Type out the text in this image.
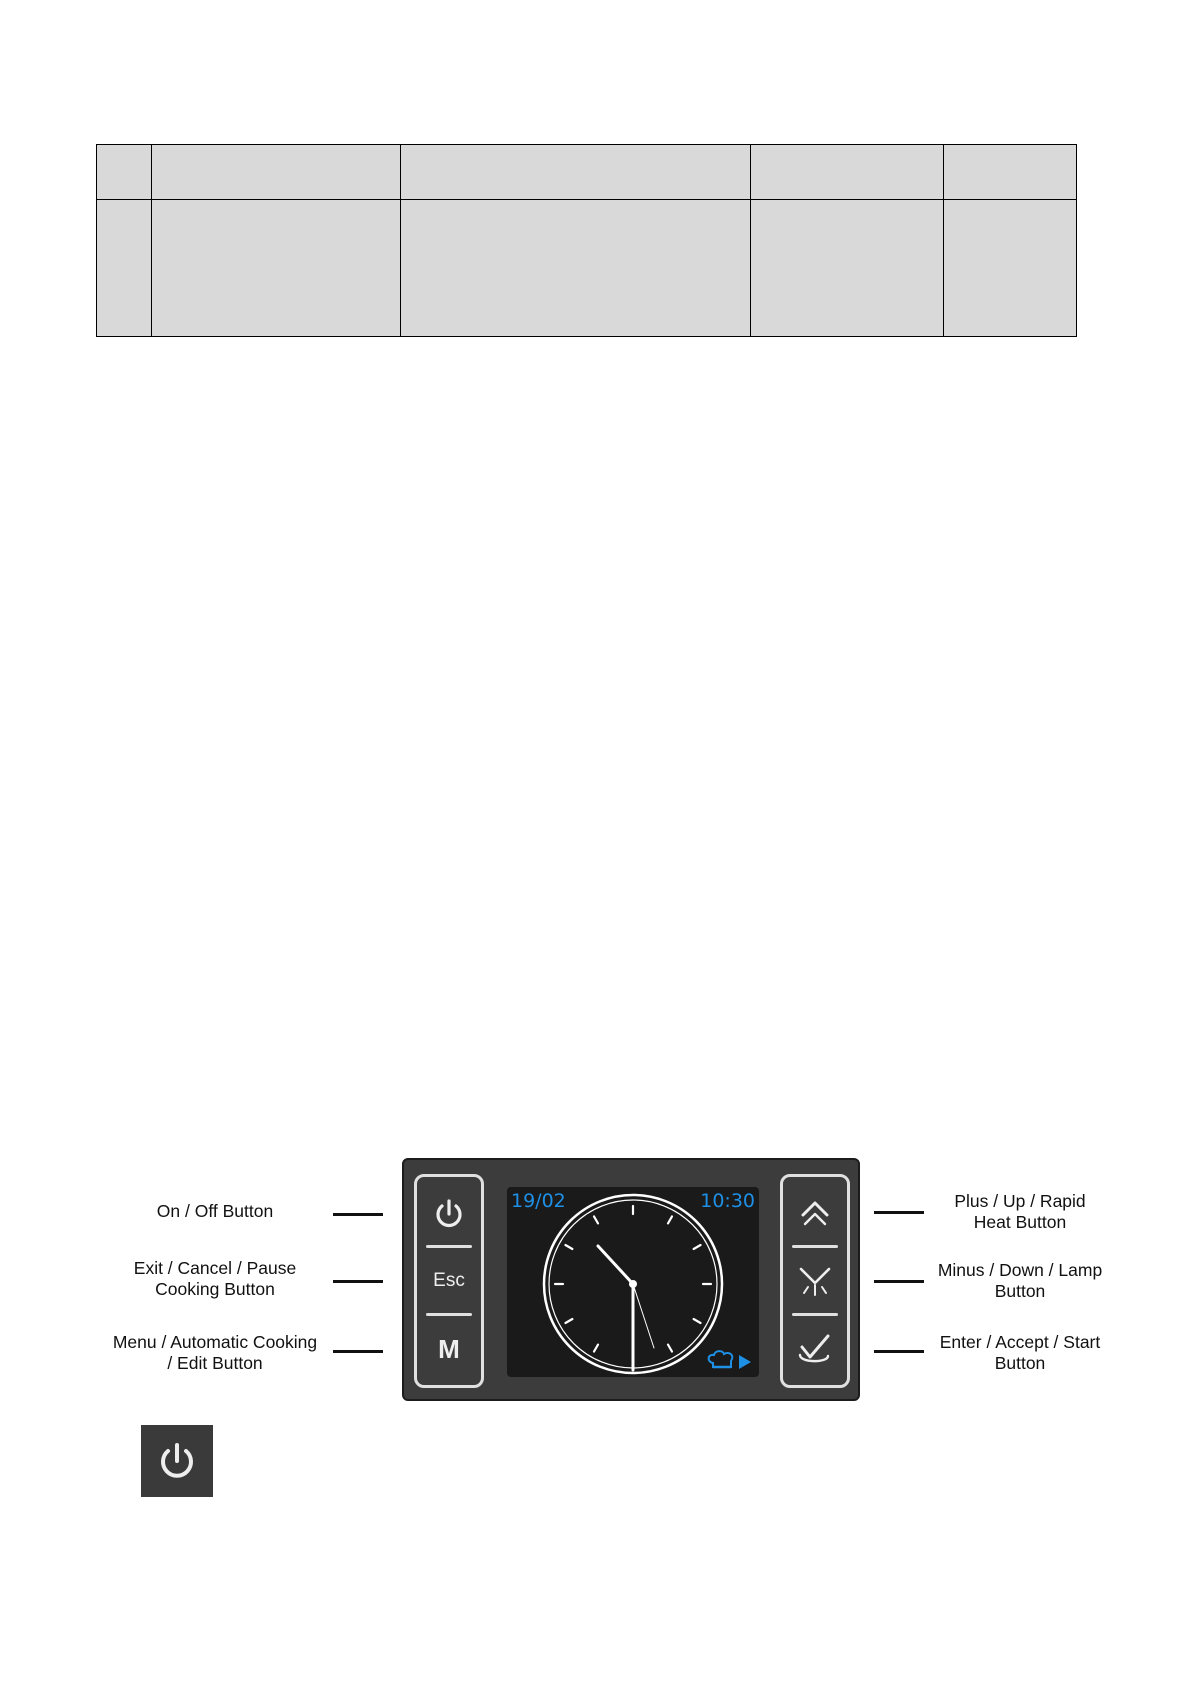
On / Off Button
Exit / Cancel / Pause
Cooking Button
Menu / Automatic Cooking
/ Edit Button
Plus / Up / Rapid
Heat Button
Minus / Down / Lamp
Button
Enter / Accept / Start
Button
Esc
M
19/02	10:30
